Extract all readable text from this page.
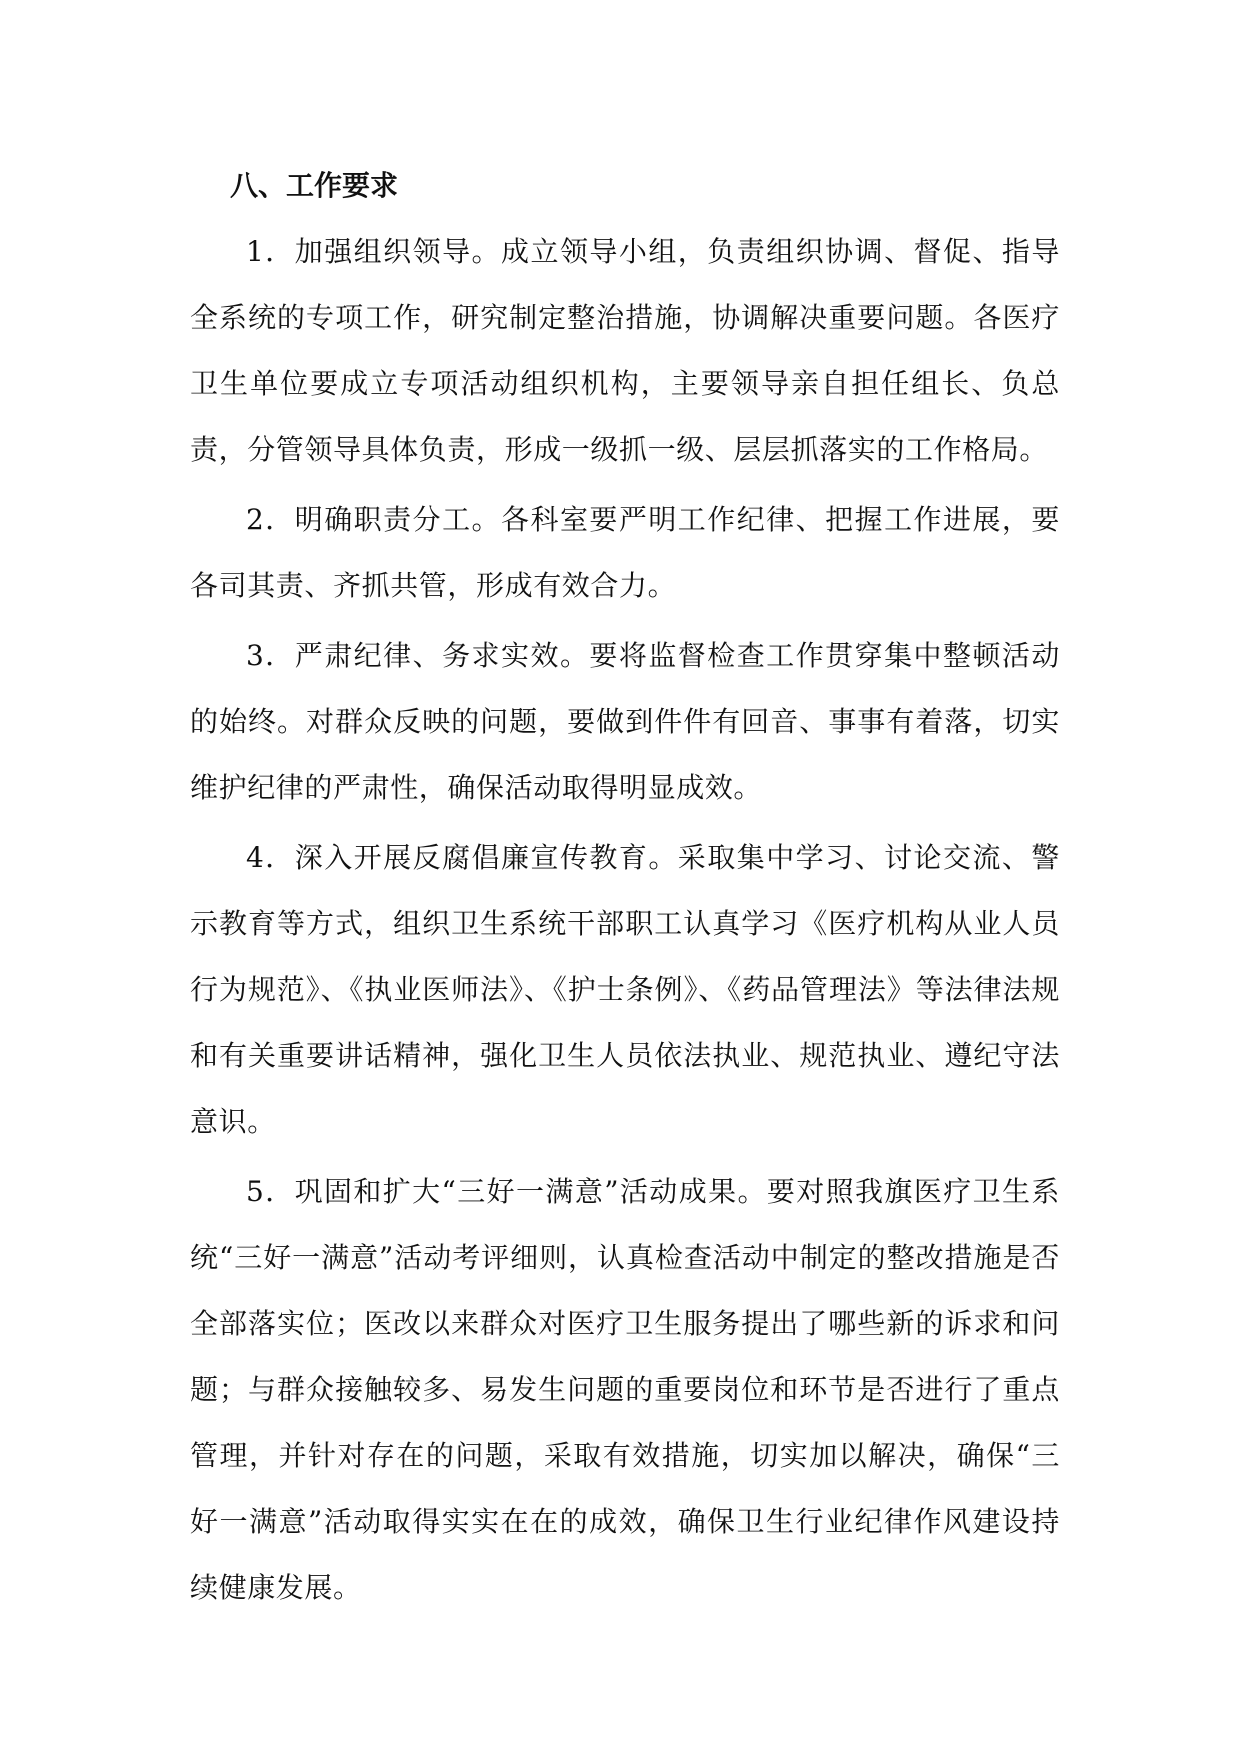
八、工作要求

1．加强组织领导。成立领导小组，负责组织协调、督促、指导全系统的专项工作，研究制定整治措施，协调解决重要问题。各医疗卫生单位要成立专项活动组织机构，主要领导亲自担任组长、负总责，分管领导具体负责，形成一级抓一级、层层抓落实的工作格局。

2．明确职责分工。各科室要严明工作纪律、把握工作进展，要各司其责、齐抓共管，形成有效合力。

3．严肃纪律、务求实效。要将监督检查工作贯穿集中整顿活动的始终。对群众反映的问题，要做到件件有回音、事事有着落，切实维护纪律的严肃性，确保活动取得明显成效。

4．深入开展反腐倡廉宣传教育。采取集中学习、讨论交流、警示教育等方式，组织卫生系统干部职工认真学习《医疗机构从业人员行为规范》、《执业医师法》、《护士条例》、《药品管理法》等法律法规和有关重要讲话精神，强化卫生人员依法执业、规范执业、遵纪守法意识。

5．巩固和扩大“三好一满意”活动成果。要对照我旗医疗卫生系统“三好一满意”活动考评细则，认真检查活动中制定的整改措施是否全部落实位；医改以来群众对医疗卫生服务提出了哪些新的诉求和问题；与群众接触较多、易发生问题的重要岗位和环节是否进行了重点管理，并针对存在的问题，采取有效措施，切实加以解决，确保“三好一满意”活动取得实实在在的成效，确保卫生行业纪律作风建设持续健康发展。
